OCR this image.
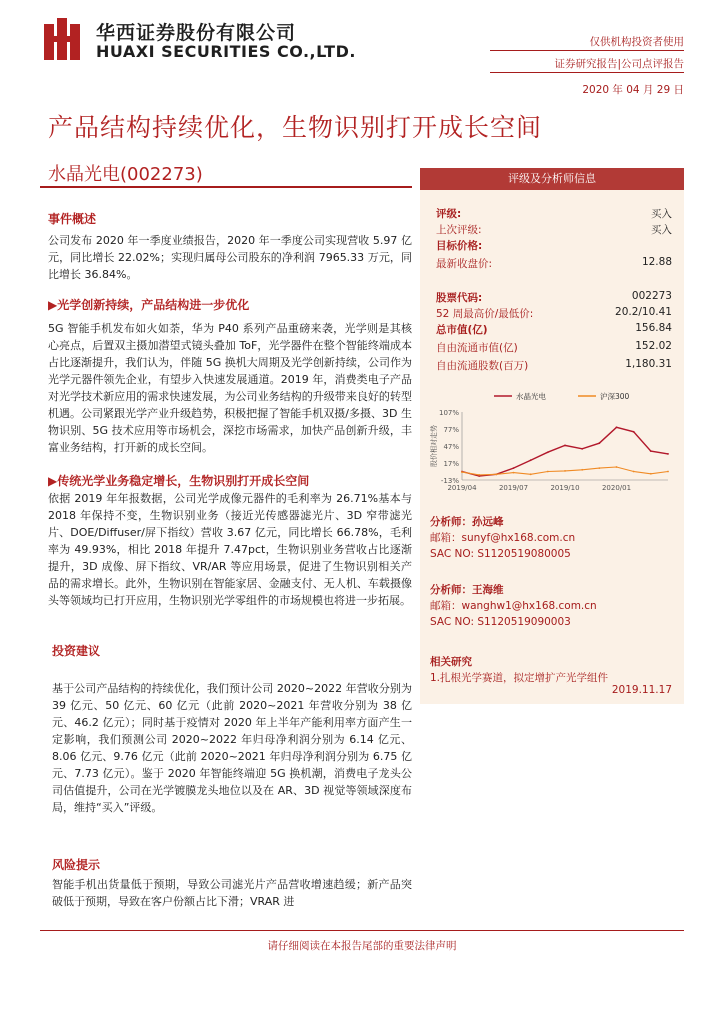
华西证券股份有限公司
HUAXI SECURITIES CO.,LTD.	仅供机构投资者使用
证券研究报告|公司点评报告
2020 年 04 月 29 日
产品结构持续优化，生物识别打开成长空间
水晶光电(002273)
事件概述
公司发布 2020 年一季度业绩报告，2020 年一季度公司实现营收 5.97 亿元，同比增长 22.02%；实现归属母公司股东的净利润 7965.33 万元，同比增长 36.84%。
▶光学创新持续，产品结构进一步优化
5G 智能手机发布如火如荼，华为 P40 系列产品重磅来袭，光学则是其核心亮点，后置双主摄加潜望式镜头叠加 ToF，光学器件在整个智能终端成本占比逐渐提升，我们认为，伴随 5G 换机大周期及光学创新持续，公司作为光学元器件领先企业，有望步入快速发展通道。2019 年，消费类电子产品对光学技术新应用的需求快速发展，为公司业务结构的升级带来良好的转型机遇。公司紧跟光学产业升级趋势，积极把握了智能手机双摄/多摄、3D 生物识别、5G 技术应用等市场机会，深挖市场需求，加快产品创新升级，丰富业务结构，打开新的成长空间。
▶传统光学业务稳定增长，生物识别打开成长空间
依据 2019 年年报数据，公司光学成像元器件的毛利率为 26.71%基本与 2018 年保持不变，生物识别业务（接近光传感器滤光片、3D 窄带滤光片、DOE/Diffuser/屏下指纹）营收 3.67 亿元，同比增长 66.78%，毛利率为 49.93%，相比 2018 年提升 7.47pct，生物识别业务营收占比逐渐提升，3D 成像、屏下指纹、VR/AR 等应用场景，促进了生物识别相关产品的需求增长。此外，生物识别在智能家居、金融支付、无人机、车载摄像头等领域均已打开应用，生物识别光学零组件的市场规模也将进一步拓展。
投资建议
基于公司产品结构的持续优化，我们预计公司 2020~2022 年营收分别为 39 亿元、50 亿元、60 亿元（此前 2020~2021 年营收分别为 38 亿元、46.2 亿元）；同时基于疫情对 2020 年上半年产能利用率方面产生一定影响，我们预测公司 2020~2022 年归母净利润分别为 6.14 亿元、8.06 亿元、9.76 亿元（此前 2020~2021 年归母净利润分别为 6.75 亿元、7.73 亿元）。鉴于 2020 年智能终端迎 5G 换机潮，消费电子龙头公司估值提升，公司在光学镀膜龙头地位以及在 AR、3D 视觉等领域深度布局，维持“买入”评级。
风险提示
智能手机出货量低于预期，导致公司滤光片产品营收增速趋缓；新产品突破低于预期，导致在客户份额占比下滑；VRAR 进
评级及分析师信息
评级:	买入
上次评级:	买入
目标价格:
最新收盘价:	12.88
股票代码:	002273
52 周最高价/最低价:	20.2/10.41
总市值(亿)	156.84
自由流通市值(亿)	152.02
自由流通股数(百万)	1,180.31
107%
77%
47%
17%
-13%
股价相对走势
2019/04	2019/07	2019/10	2020/01
水晶光电	沪深300
分析师：孙远峰
邮箱：sunyf@hx168.com.cn
SAC NO: S1120519080005
分析师：王海维
邮箱：wanghw1@hx168.com.cn
SAC NO: S1120519090003
相关研究
1.扎根光学赛道，拟定增扩产光学组件
2019.11.17
请仔细阅读在本报告尾部的重要法律声明
